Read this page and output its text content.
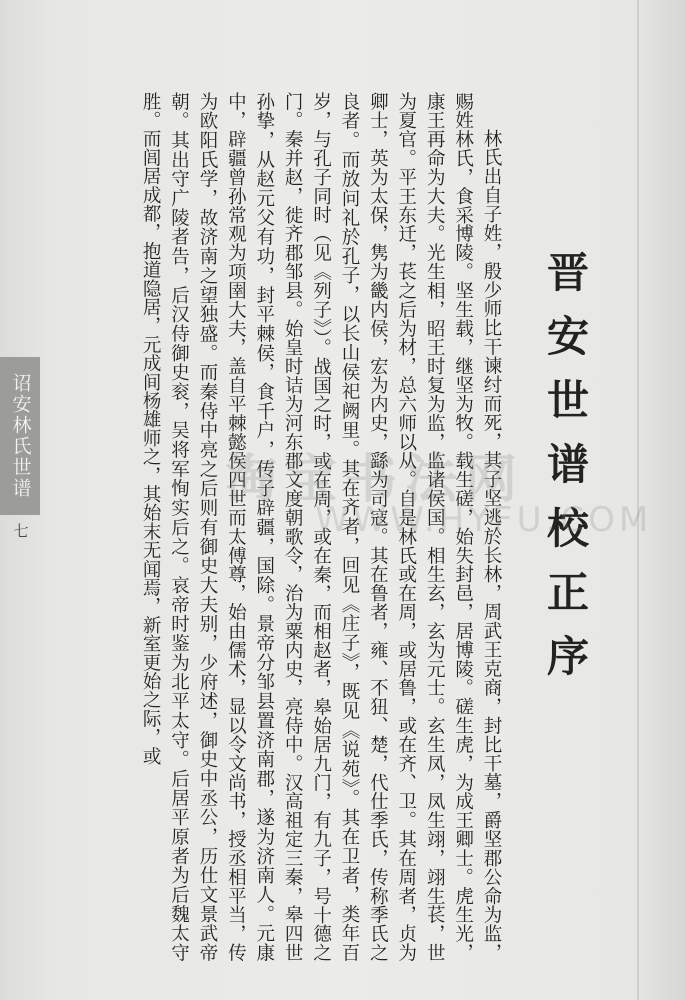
诏安林氏世谱
七	晋安世谱校正序

林氏出自子姓，殷少师比干谏纣而死，其子坚逃於长林，周武王克商，封比干墓，爵坚郡公命为监，赐姓林氏，食采博陵。坚生载，继坚为牧。载生磋，始失封邑，居博陵。磋生虎，为成王卿士。虎生光，康王再命为大夫。光生相，昭王时复为监，监诸侯国。相生玄，玄为元士。玄生凤，凤生翊，翊生苌，世为夏官。平王东迁，苌之后为材，总六师以从。自是林氏或在周，或居鲁，或在齐、卫。其在周者，贞为卿士，英为太保，隽为畿内侯，宏为内史，繇为司寇。其在鲁者，雍、不狃、楚，代仕季氏，传称季氏之良者。而放问礼於孔子，以长山侯祀阙里。其在齐者，回见《庄子》，既见《说苑》。其在卫者，类年百岁，与孔子同时（见《列子》）。战国之时，或在周，或在秦，而相赵者，皋始居九门，有九子，号十德之门。秦并赵，徙齐郡邹县。始皇时诘为河东郡文度朝歌令，治为粟内史，亮侍中。汉高祖定三秦，皋四世孙挚，从赵元父有功，封平棘侯，食千户，传子辟疆，国除。景帝分邹县置济南郡，遂为济南人。元康中，辟疆曾孙常观为项圉大夫，盖自平棘懿侯四世而太傅尊，始由儒术，显以令文尚书，授丞相平当，传为欧阳氏学，故济南之望独盛。而秦侍中亮之后则有御史大夫别，少府述，御史中丞公，历仕文景武帝朝。其出守广陵者告，后汉侍御史衮，吴将军恂实后之。哀帝时鉴为北平太守。后居平原者为后魏太守胜。而闾居成都，抱道隐居，元成间杨雄师之，其始末无闻焉，新室更始之际，或	淘宝书法网
WWW.HYFU.COM
